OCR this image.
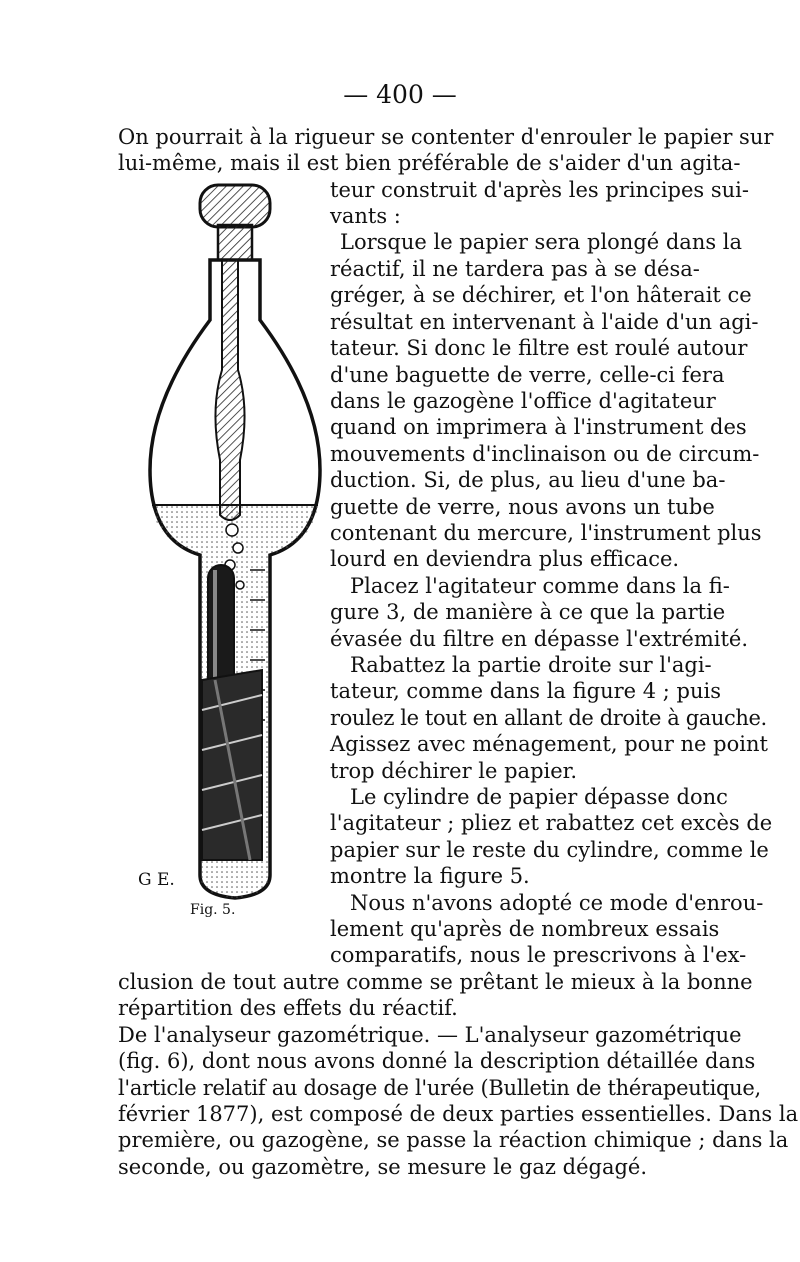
— 400 —
On pourrait à la rigueur se contenter d'enrouler le papier sur
lui-même, mais il est bien préférable de s'aider d'un agita-
G E.
Fig. 5.
teur construit d'après les principes sui-
vants :
Lorsque le papier sera plongé dans la
réactif, il ne tardera pas à se désa-
gréger, à se déchirer, et l'on hâterait ce
résultat en intervenant à l'aide d'un agi-
tateur. Si donc le filtre est roulé autour
d'une baguette de verre, celle-ci fera
dans le gazogène l'office d'agitateur
quand on imprimera à l'instrument des
mouvements d'inclinaison ou de circum-
duction. Si, de plus, au lieu d'une ba-
guette de verre, nous avons un tube
contenant du mercure, l'instrument plus
lourd en deviendra plus efficace.
Placez l'agitateur comme dans la fi-
gure 3, de manière à ce que la partie
évasée du filtre en dépasse l'extrémité.
Rabattez la partie droite sur l'agi-
tateur, comme dans la figure 4 ; puis
roulez le tout en allant de droite à gauche.
Agissez avec ménagement, pour ne point
trop déchirer le papier.
Le cylindre de papier dépasse donc
l'agitateur ; pliez et rabattez cet excès de
papier sur le reste du cylindre, comme le
montre la figure 5.
Nous n'avons adopté ce mode d'enrou-
lement qu'après de nombreux essais
comparatifs, nous le prescrivons à l'ex-
clusion de tout autre comme se prêtant le mieux à la bonne
répartition des effets du réactif.
De l'analyseur gazométrique. — L'analyseur gazométrique
(fig. 6), dont nous avons donné la description détaillée dans
l'article relatif au dosage de l'urée (Bulletin de thérapeutique,
février 1877), est composé de deux parties essentielles. Dans la
première, ou gazogène, se passe la réaction chimique ; dans la
seconde, ou gazomètre, se mesure le gaz dégagé.
